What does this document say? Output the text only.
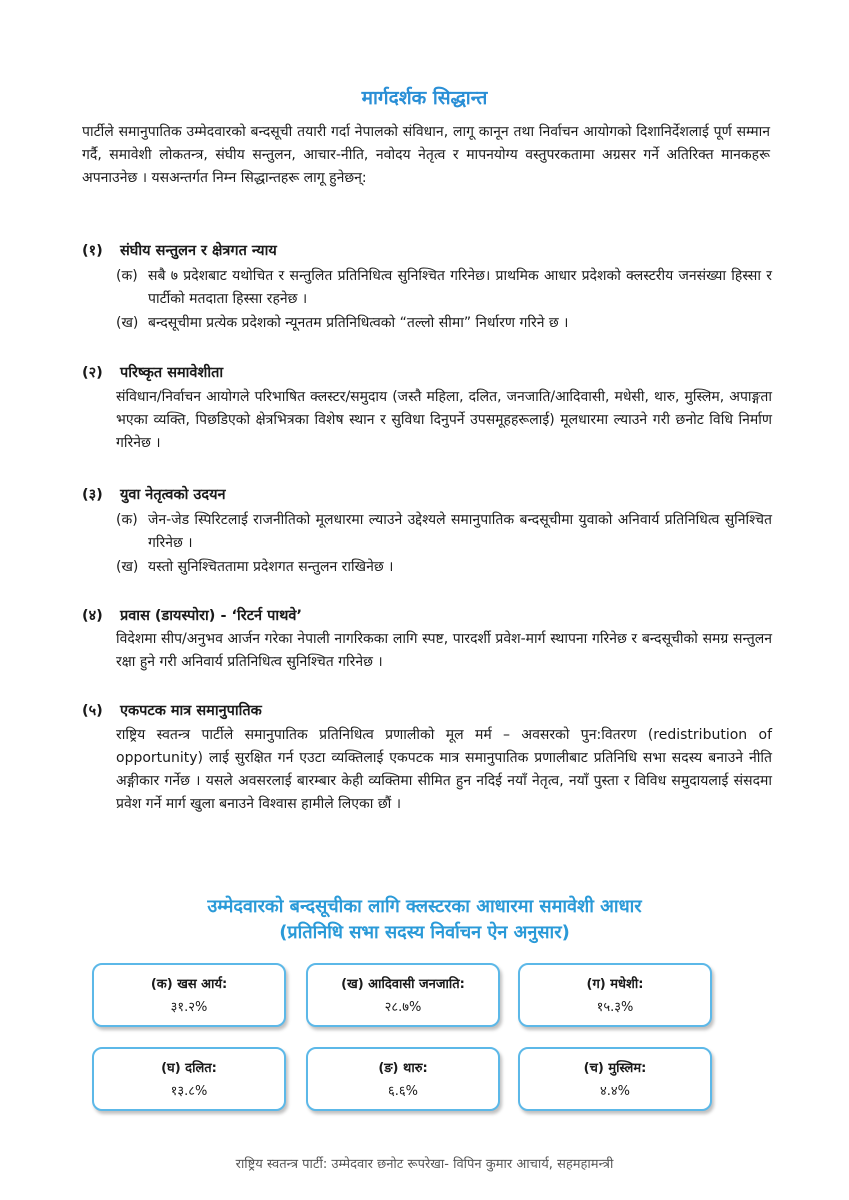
मार्गदर्शक सिद्धान्त
पार्टीले समानुपातिक उम्मेदवारको बन्दसूची तयारी गर्दा नेपालको संविधान, लागू कानून तथा निर्वाचन आयोगको दिशानिर्देशलाई पूर्ण सम्मान गर्दै, समावेशी लोकतन्त्र, संघीय सन्तुलन, आचार-नीति, नवोदय नेतृत्व र मापनयोग्य वस्तुपरकतामा अग्रसर गर्ने अतिरिक्त मानकहरू अपनाउनेछ । यसअन्तर्गत निम्न सिद्धान्तहरू लागू हुनेछन्:
(१) संघीय सन्तुलन र क्षेत्रगत न्याय
(क) सबै ७ प्रदेशबाट यथोचित र सन्तुलित प्रतिनिधित्व सुनिश्चित गरिनेछ। प्राथमिक आधार प्रदेशको क्लस्टरीय जनसंख्या हिस्सा र पार्टीको मतदाता हिस्सा रहनेछ ।
(ख) बन्दसूचीमा प्रत्येक प्रदेशको न्यूनतम प्रतिनिधित्वको “तल्लो सीमा” निर्धारण गरिने छ ।
(२) परिष्कृत समावेशीता
संविधान/निर्वाचन आयोगले परिभाषित क्लस्टर/समुदाय (जस्तै महिला, दलित, जनजाति/आदिवासी, मधेसी, थारु, मुस्लिम, अपाङ्गता भएका व्यक्ति, पिछडिएको क्षेत्रभित्रका विशेष स्थान र सुविधा दिनुपर्ने उपसमूहहरूलाई) मूलधारमा ल्याउने गरी छनोट विधि निर्माण गरिनेछ ।
(३) युवा नेतृत्वको उदयन
(क) जेन-जेड स्पिरिटलाई राजनीतिको मूलधारमा ल्याउने उद्देश्यले समानुपातिक बन्दसूचीमा युवाको अनिवार्य प्रतिनिधित्व सुनिश्चित गरिनेछ ।
(ख) यस्तो सुनिश्चिततामा प्रदेशगत सन्तुलन राखिनेछ ।
(४) प्रवास (डायस्पोरा) - ‘रिटर्न पाथवे’
विदेशमा सीप/अनुभव आर्जन गरेका नेपाली नागरिकका लागि स्पष्ट, पारदर्शी प्रवेश-मार्ग स्थापना गरिनेछ र बन्दसूचीको समग्र सन्तुलन रक्षा हुने गरी अनिवार्य प्रतिनिधित्व सुनिश्चित गरिनेछ ।
(५) एकपटक मात्र समानुपातिक
राष्ट्रिय स्वतन्त्र पार्टीले समानुपातिक प्रतिनिधित्व प्रणालीको मूल मर्म – अवसरको पुन:वितरण (redistribution of opportunity) लाई सुरक्षित गर्न एउटा व्यक्तिलाई एकपटक मात्र समानुपातिक प्रणालीबाट प्रतिनिधि सभा सदस्य बनाउने नीति अङ्गीकार गर्नेछ । यसले अवसरलाई बारम्बार केही व्यक्तिमा सीमित हुन नदिई नयाँ नेतृत्व, नयाँ पुस्ता र विविध समुदायलाई संसदमा प्रवेश गर्ने मार्ग खुला बनाउने विश्वास हामीले लिएका छौं ।
उम्मेदवारको बन्दसूचीका लागि क्लस्टरका आधारमा समावेशी आधार
(प्रतिनिधि सभा सदस्य निर्वाचन ऐन अनुसार)
(क) खस आर्य:
३१.२%
(ख) आदिवासी जनजाति:
२८.७%
(ग) मधेशी:
१५.३%
(घ) दलित:
१३.८%
(ङ) थारु:
६.६%
(च) मुस्लिम:
४.४%
राष्ट्रिय स्वतन्त्र पार्टी: उम्मेदवार छनोट रूपरेखा- विपिन कुमार आचार्य, सहमहामन्त्री
